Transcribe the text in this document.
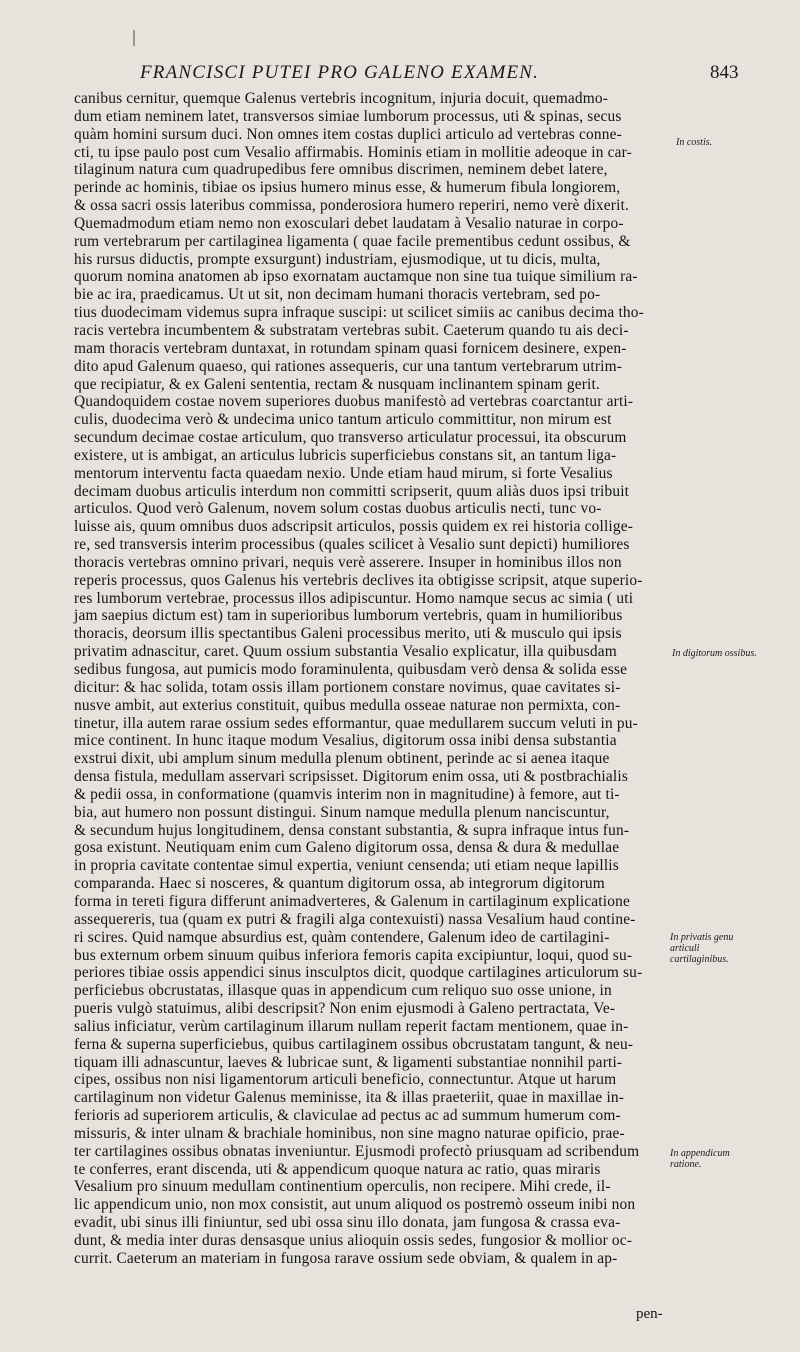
FRANCISCI PUTEI PRO GALENO EXAMEN.	843
canibus cernitur, quemque Galenus vertebris incognitum, injuria docuit, quemadmo-
dum etiam neminem latet, transversos simiae lumborum processus, uti & spinas, secus
quàm homini sursum duci. Non omnes item costas duplici articulo ad vertebras conne-
cti, tu ipse paulo post cum Vesalio affirmabis. Hominis etiam in mollitie adeoque in car-
tilaginum natura cum quadrupedibus fere omnibus discrimen, neminem debet latere,
perinde ac hominis, tibiae os ipsius humero minus esse, & humerum fibula longiorem,
& ossa sacri ossis lateribus commissa, ponderosiora humero reperiri, nemo verè dixerit.
Quemadmodum etiam nemo non exosculari debet laudatam à Vesalio naturae in corpo-
rum vertebrarum per cartilaginea ligamenta ( quae facile prementibus cedunt ossibus, &
his rursus diductis, prompte exsurgunt) industriam, ejusmodique, ut tu dicis, multa,
quorum nomina anatomen ab ipso exornatam auctamque non sine tua tuique similium ra-
bie ac ira, praedicamus. Ut ut sit, non decimam humani thoracis vertebram, sed po-
tius duodecimam videmus supra infraque suscipi: ut scilicet simiis ac canibus decima tho-
racis vertebra incumbentem & substratam vertebras subit. Caeterum quando tu ais deci-
mam thoracis vertebram duntaxat, in rotundam spinam quasi fornicem desinere, expen-
dito apud Galenum quaeso, qui rationes assequeris, cur una tantum vertebrarum utrim-
que recipiatur, & ex Galeni sententia, rectam & nusquam inclinantem spinam gerit.
Quandoquidem costae novem superiores duobus manifestò ad vertebras coarctantur arti-
culis, duodecima verò & undecima unico tantum articulo committitur, non mirum est
secundum decimae costae articulum, quo transverso articulatur processui, ita obscurum
existere, ut is ambigat, an articulus lubricis superficiebus constans sit, an tantum liga-
mentorum interventu facta quaedam nexio. Unde etiam haud mirum, si forte Vesalius
decimam duobus articulis interdum non committi scripserit, quum aliàs duos ipsi tribuit
articulos. Quod verò Galenum, novem solum costas duobus articulis necti, tunc vo-
luisse ais, quum omnibus duos adscripsit articulos, possis quidem ex rei historia collige-
re, sed transversis interim processibus (quales scilicet à Vesalio sunt depicti) humiliores
thoracis vertebras omnino privari, nequis verè asserere. Insuper in hominibus illos non
reperis processus, quos Galenus his vertebris declives ita obtigisse scripsit, atque superio-
res lumborum vertebrae, processus illos adipiscuntur. Homo namque secus ac simia ( uti
jam saepius dictum est) tam in superioribus lumborum vertebris, quam in humilioribus
thoracis, deorsum illis spectantibus Galeni processibus merito, uti & musculo qui ipsis
privatim adnascitur, caret. Quum ossium substantia Vesalio explicatur, illa quibusdam
sedibus fungosa, aut pumicis modo foraminulenta, quibusdam verò densa & solida esse
dicitur: & hac solida, totam ossis illam portionem constare novimus, quae cavitates si-
nusve ambit, aut exterius constituit, quibus medulla osseae naturae non permixta, con-
tinetur, illa autem rarae ossium sedes efformantur, quae medullarem succum veluti in pu-
mice continent. In hunc itaque modum Vesalius, digitorum ossa inibi densa substantia
exstrui dixit, ubi amplum sinum medulla plenum obtinent, perinde ac si aenea itaque
densa fistula, medullam asservari scripsisset. Digitorum enim ossa, uti & postbrachialis
& pedii ossa, in conformatione (quamvis interim non in magnitudine) à femore, aut ti-
bia, aut humero non possunt distingui. Sinum namque medulla plenum nanciscuntur,
& secundum hujus longitudinem, densa constant substantia, & supra infraque intus fun-
gosa existunt. Neutiquam enim cum Galeno digitorum ossa, densa & dura & medullae
in propria cavitate contentae simul expertia, veniunt censenda; uti etiam neque lapillis
comparanda. Haec si nosceres, & quantum digitorum ossa, ab integrorum digitorum
forma in tereti figura differunt animadverteres, & Galenum in cartilaginum explicatione
assequereris, tua (quam ex putri & fragili alga contexuisti) nassa Vesalium haud contine-
ri scires. Quid namque absurdius est, quàm contendere, Galenum ideo de cartilagini-
bus externum orbem sinuum quibus inferiora femoris capita excipiuntur, loqui, quod su-
periores tibiae ossis appendici sinus insculptos dicit, quodque cartilagines articulorum su-
perficiebus obcrustatas, illasque quas in appendicum cum reliquo suo osse unione, in
pueris vulgò statuimus, alibi descripsit? Non enim ejusmodi à Galeno pertractata, Ve-
salius inficiatur, verùm cartilaginum illarum nullam reperit factam mentionem, quae in-
ferna & superna superficiebus, quibus cartilaginem ossibus obcrustatam tangunt, & neu-
tiquam illi adnascuntur, laeves & lubricae sunt, & ligamenti substantiae nonnihil parti-
cipes, ossibus non nisi ligamentorum articuli beneficio, connectuntur. Atque ut harum
cartilaginum non videtur Galenus meminisse, ita & illas praeteriit, quae in maxillae in-
ferioris ad superiorem articulis, & claviculae ad pectus ac ad summum humerum com-
missuris, & inter ulnam & brachiale hominibus, non sine magno naturae opificio, prae-
ter cartilagines ossibus obnatas inveniuntur. Ejusmodi profectò priusquam ad scribendum
te conferres, erant discenda, uti & appendicum quoque natura ac ratio, quas miraris
Vesalium pro sinuum medullam continentium operculis, non recipere. Mihi crede, il-
lic appendicum unio, non mox consistit, aut unum aliquod os postremò osseum inibi non
evadit, ubi sinus illi finiuntur, sed ubi ossa sinu illo donata, jam fungosa & crassa eva-
dunt, & media inter duras densasque unius alioquin ossis sedes, fungosior & mollior oc-
currit. Caeterum an materiam in fungosa rarave ossium sede obviam, & qualem in ap-
pen-
In costis.
In digitorum ossibus.
In privatis genu articuli cartilaginibus.
In appendicum ratione.
